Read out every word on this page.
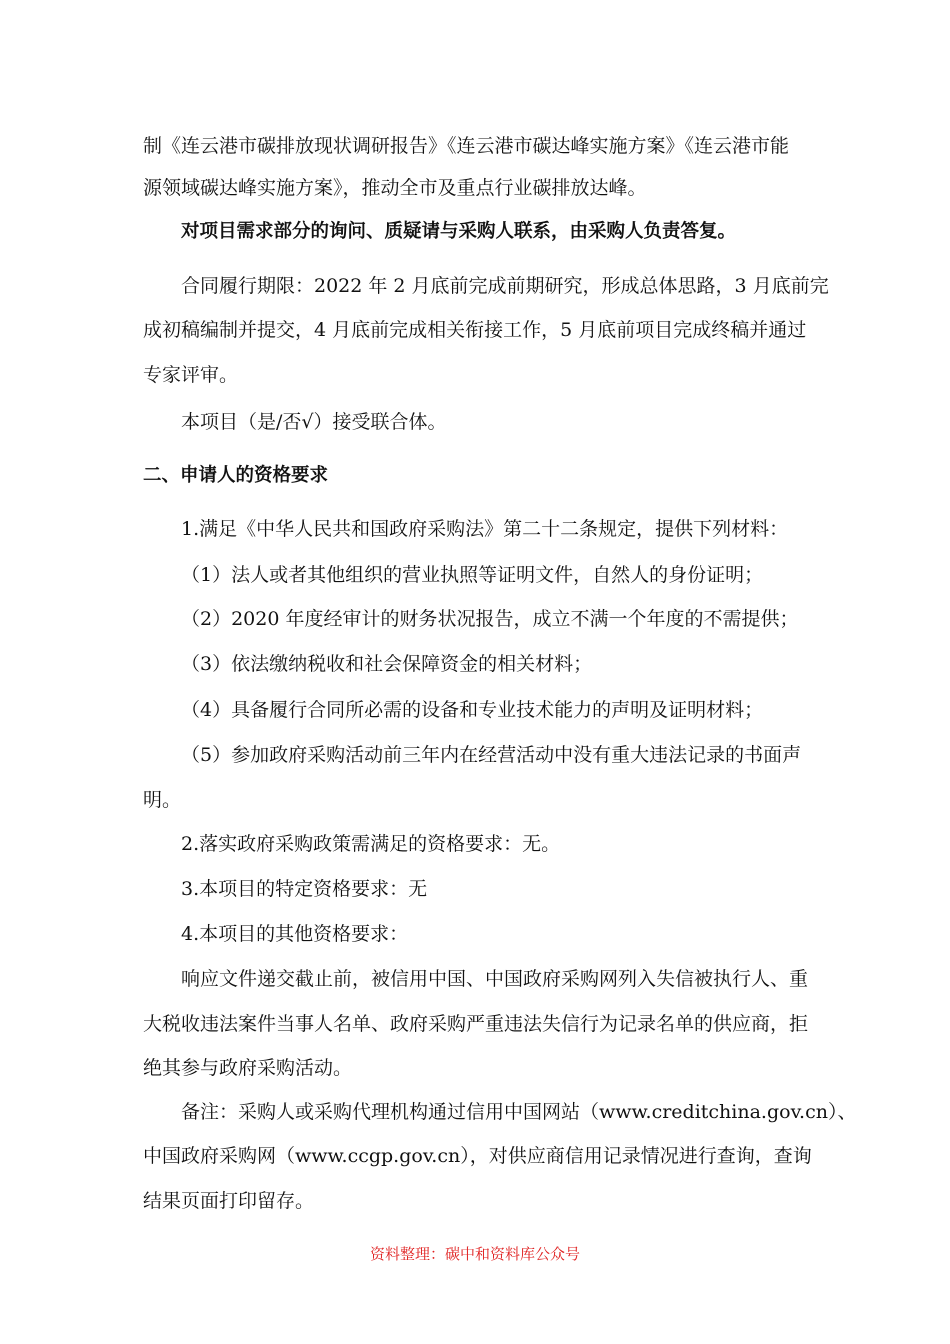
制《连云港市碳排放现状调研报告》《连云港市碳达峰实施方案》《连云港市能
源领域碳达峰实施方案》，推动全市及重点行业碳排放达峰。
对项目需求部分的询问、质疑请与采购人联系，由采购人负责答复。
合同履行期限：2022 年 2 月底前完成前期研究，形成总体思路，3 月底前完
成初稿编制并提交，4 月底前完成相关衔接工作，5 月底前项目完成终稿并通过
专家评审。
本项目（是/否√）接受联合体。
二、申请人的资格要求
1.满足《中华人民共和国政府采购法》第二十二条规定，提供下列材料：
（1）法人或者其他组织的营业执照等证明文件，自然人的身份证明；
（2）2020 年度经审计的财务状况报告，成立不满一个年度的不需提供；
（3）依法缴纳税收和社会保障资金的相关材料；
（4）具备履行合同所必需的设备和专业技术能力的声明及证明材料；
（5）参加政府采购活动前三年内在经营活动中没有重大违法记录的书面声
明。
2.落实政府采购政策需满足的资格要求：无。
3.本项目的特定资格要求：无
4.本项目的其他资格要求：
响应文件递交截止前，被信用中国、中国政府采购网列入失信被执行人、重
大税收违法案件当事人名单、政府采购严重违法失信行为记录名单的供应商，拒
绝其参与政府采购活动。
备注：采购人或采购代理机构通过信用中国网站（www.creditchina.gov.cn）、
中国政府采购网（www.ccgp.gov.cn），对供应商信用记录情况进行查询，查询
结果页面打印留存。
资料整理：碳中和资料库公众号
